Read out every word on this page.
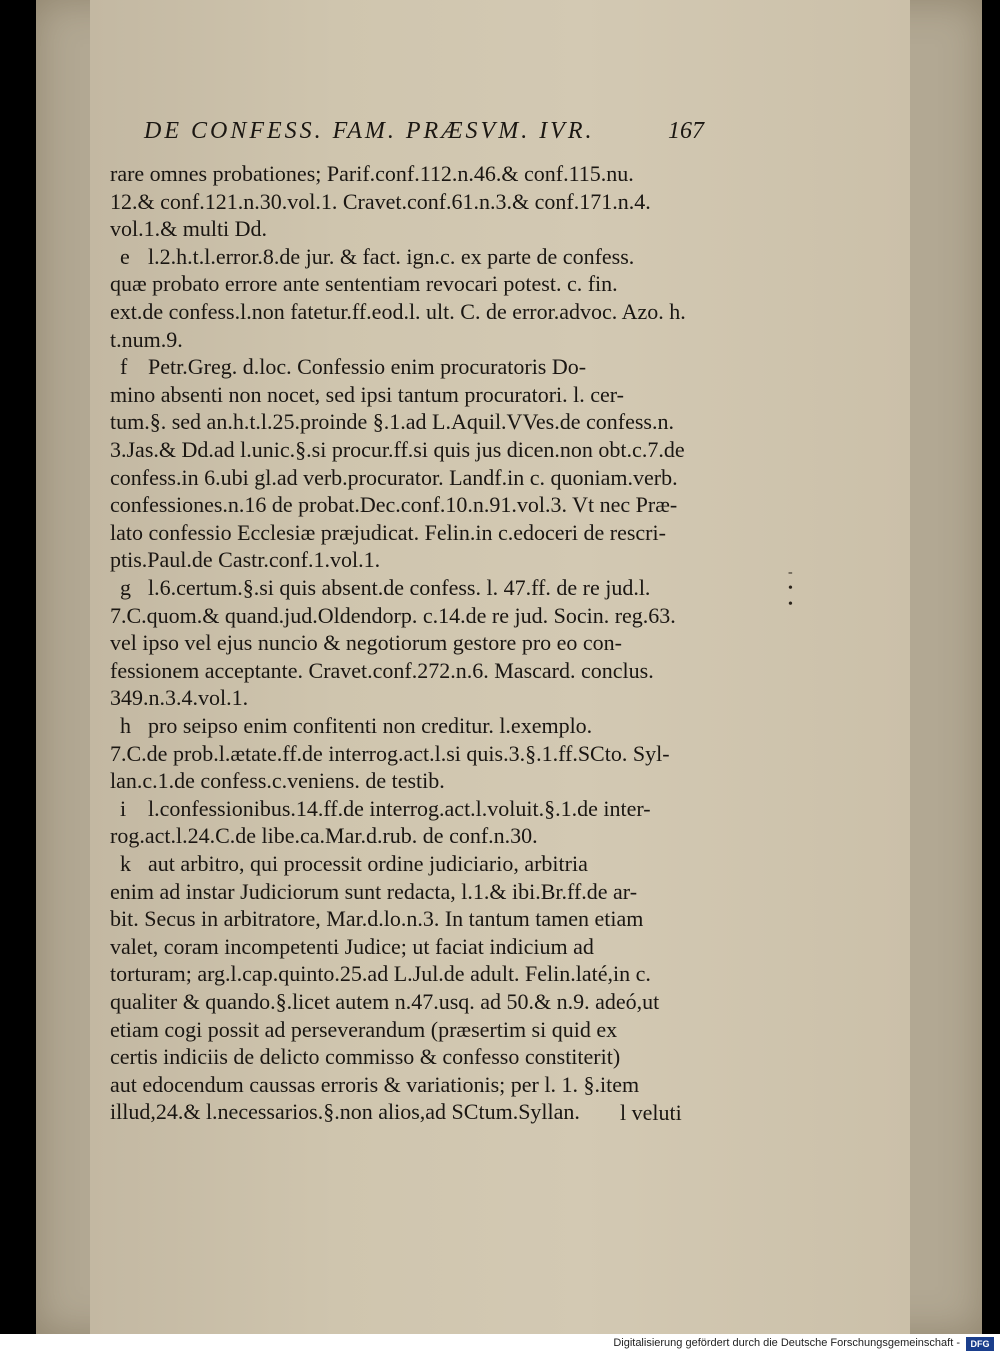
DE CONFESS. FAM. PRÆSVM. IVR.	167
rare omnes probationes; Parif.conf.112.n.46.& conf.115.nu.
12.& conf.121.n.30.vol.1. Cravet.conf.61.n.3.& conf.171.n.4.
vol.1.& multi Dd.
e l.2.h.t.l.error.8.de jur. & fact. ign.c. ex parte de confess.
quæ probato errore ante sententiam revocari potest. c. fin.
ext.de confess.l.non fatetur.ff.eod.l. ult. C. de error.advoc. Azo. h.
t.num.9.
f Petr.Greg. d.loc. Confessio enim procuratoris Do-
mino absenti non nocet, sed ipsi tantum procuratori. l. cer-
tum.§. sed an.h.t.l.25.proinde §.1.ad L.Aquil.VVes.de confess.n.
3.Jas.& Dd.ad l.unic.§.si procur.ff.si quis jus dicen.non obt.c.7.de
confess.in 6.ubi gl.ad verb.procurator. Landf.in c. quoniam.verb.
confessiones.n.16 de probat.Dec.conf.10.n.91.vol.3. Vt nec Præ-
lato confessio Ecclesiæ præjudicat. Felin.in c.edoceri de rescri-
ptis.Paul.de Castr.conf.1.vol.1.
g l.6.certum.§.si quis absent.de confess. l. 47.ff. de re jud.l.
7.C.quom.& quand.jud.Oldendorp. c.14.de re jud. Socin. reg.63.
vel ipso vel ejus nuncio & negotiorum gestore pro eo con-
fessionem acceptante. Cravet.conf.272.n.6. Mascard. conclus.
349.n.3.4.vol.1.
h pro seipso enim confitenti non creditur. l.exemplo.
7.C.de prob.l.ætate.ff.de interrog.act.l.si quis.3.§.1.ff.SCto. Syl-
lan.c.1.de confess.c.veniens. de testib.
i l.confessionibus.14.ff.de interrog.act.l.voluit.§.1.de inter-
rog.act.l.24.C.de libe.ca.Mar.d.rub. de conf.n.30.
k aut arbitro, qui processit ordine judiciario, arbitria
enim ad instar Judiciorum sunt redacta, l.1.& ibi.Br.ff.de ar-
bit. Secus in arbitratore, Mar.d.lo.n.3. In tantum tamen etiam
valet, coram incompetenti Judice; ut faciat indicium ad
torturam; arg.l.cap.quinto.25.ad L.Jul.de adult. Felin.laté,in c.
qualiter & quando.§.licet autem n.47.usq. ad 50.& n.9. adeó,ut
etiam cogi possit ad perseverandum (præsertim si quid ex
certis indiciis de delicto commisso & confesso constiterit)
aut edocendum caussas erroris & variationis; per l. 1. §.item
illud,24.& l.necessarios.§.non alios,ad SCtum.Syllan.
-
•
•
l veluti
Digitalisierung gefördert durch die Deutsche Forschungsgemeinschaft -	DFG
